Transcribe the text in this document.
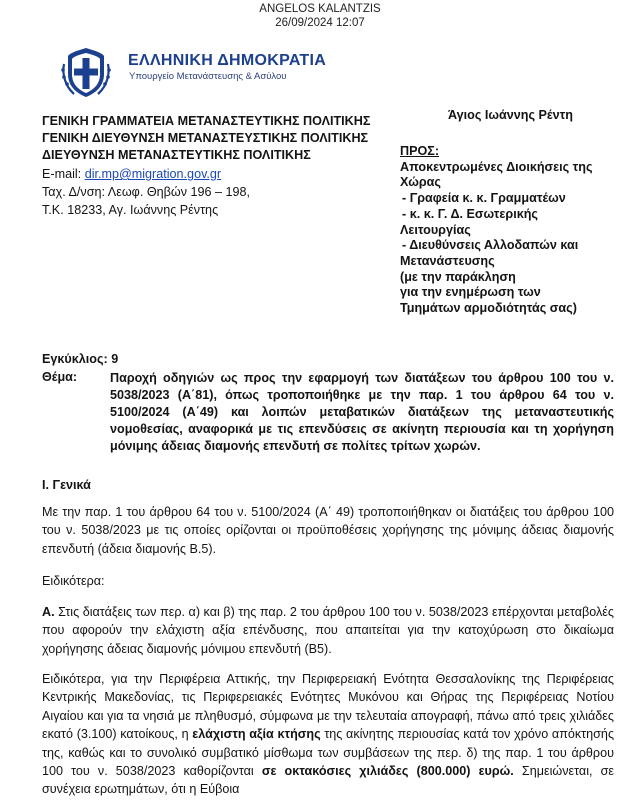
ANGELOS KALANTZIS
26/09/2024 12:07
ΕΛΛΗΝΙΚΗ ΔΗΜΟΚΡΑΤΙΑ
Υπουργείο Μετανάστευσης & Ασύλου
ΓΕΝΙΚΗ ΓΡΑΜΜΑΤΕΙΑ ΜΕΤΑΝΑΣΤΕΥΤΙΚΗΣ ΠΟΛΙΤΙΚΗΣ
ΓΕΝΙΚΗ ΔΙΕΥΘΥΝΣΗ ΜΕΤΑΝΑΣΤΕΥΣΤΙΚΗΣ ΠΟΛΙΤΙΚΗΣ
ΔΙΕΥΘΥΝΣΗ ΜΕΤΑΝΑΣΤΕΥΤΙΚΗΣ ΠΟΛΙΤΙΚΗΣ
E-mail: dir.mp@migration.gov.gr
Ταχ. Δ/νση: Λεωφ. Θηβών 196 – 198,
Τ.Κ. 18233, Αγ. Ιωάννης Ρέντης
Άγιος Ιωάννης Ρέντη
ΠΡΟΣ:
Αποκεντρωμένες Διοικήσεις της
Χώρας
- Γραφεία κ. κ. Γραμματέων
- κ. κ. Γ. Δ. Εσωτερικής
Λειτουργίας
- Διευθύνσεις Αλλοδαπών και
Μετανάστευσης
(με την παράκληση
για την ενημέρωση των
Τμημάτων αρμοδιότητάς σας)
Εγκύκλιος: 9
Θέμα:	Παροχή οδηγιών ως προς την εφαρμογή των διατάξεων του άρθρου 100 του ν. 5038/2023 (Α΄81), όπως τροποποιήθηκε με την παρ. 1 του άρθρου 64 του ν. 5100/2024 (Α΄49) και λοιπών μεταβατικών διατάξεων της μεταναστευτικής νομοθεσίας, αναφορικά με τις επενδύσεις σε ακίνητη περιουσία και τη χορήγηση μόνιμης άδειας διαμονής επενδυτή σε πολίτες τρίτων χωρών.
Ι. Γενικά
Με την παρ. 1 του άρθρου 64 του ν. 5100/2024 (Α΄ 49) τροποποιήθηκαν οι διατάξεις του άρθρου 100 του ν. 5038/2023 με τις οποίες ορίζονται οι προϋποθέσεις χορήγησης της μόνιμης άδειας διαμονής επενδυτή (άδεια διαμονής Β.5).
Ειδικότερα:
Α. Στις διατάξεις των περ. α) και β) της παρ. 2 του άρθρου 100 του ν. 5038/2023 επέρχονται μεταβολές που αφορούν την ελάχιστη αξία επένδυσης, που απαιτείται για την κατοχύρωση στο δικαίωμα χορήγησης άδειας διαμονής μόνιμου επενδυτή (Β5).
Ειδικότερα, για την Περιφέρεια Αττικής, την Περιφερειακή Ενότητα Θεσσαλονίκης της Περιφέρειας Κεντρικής Μακεδονίας, τις Περιφερειακές Ενότητες Μυκόνου και Θήρας της Περιφέρειας Νοτίου Αιγαίου και για τα νησιά με πληθυσμό, σύμφωνα με την τελευταία απογραφή, πάνω από τρεις χιλιάδες εκατό (3.100) κατοίκους, η ελάχιστη αξία κτήσης της ακίνητης περιουσίας κατά τον χρόνο απόκτησής της, καθώς και το συνολικό συμβατικό μίσθωμα των συμβάσεων της περ. δ) της παρ. 1 του άρθρου 100 του ν. 5038/2023 καθορίζονται σε οκτακόσιες χιλιάδες (800.000) ευρώ. Σημειώνεται, σε συνέχεια ερωτημάτων, ότι η Εύβοια
